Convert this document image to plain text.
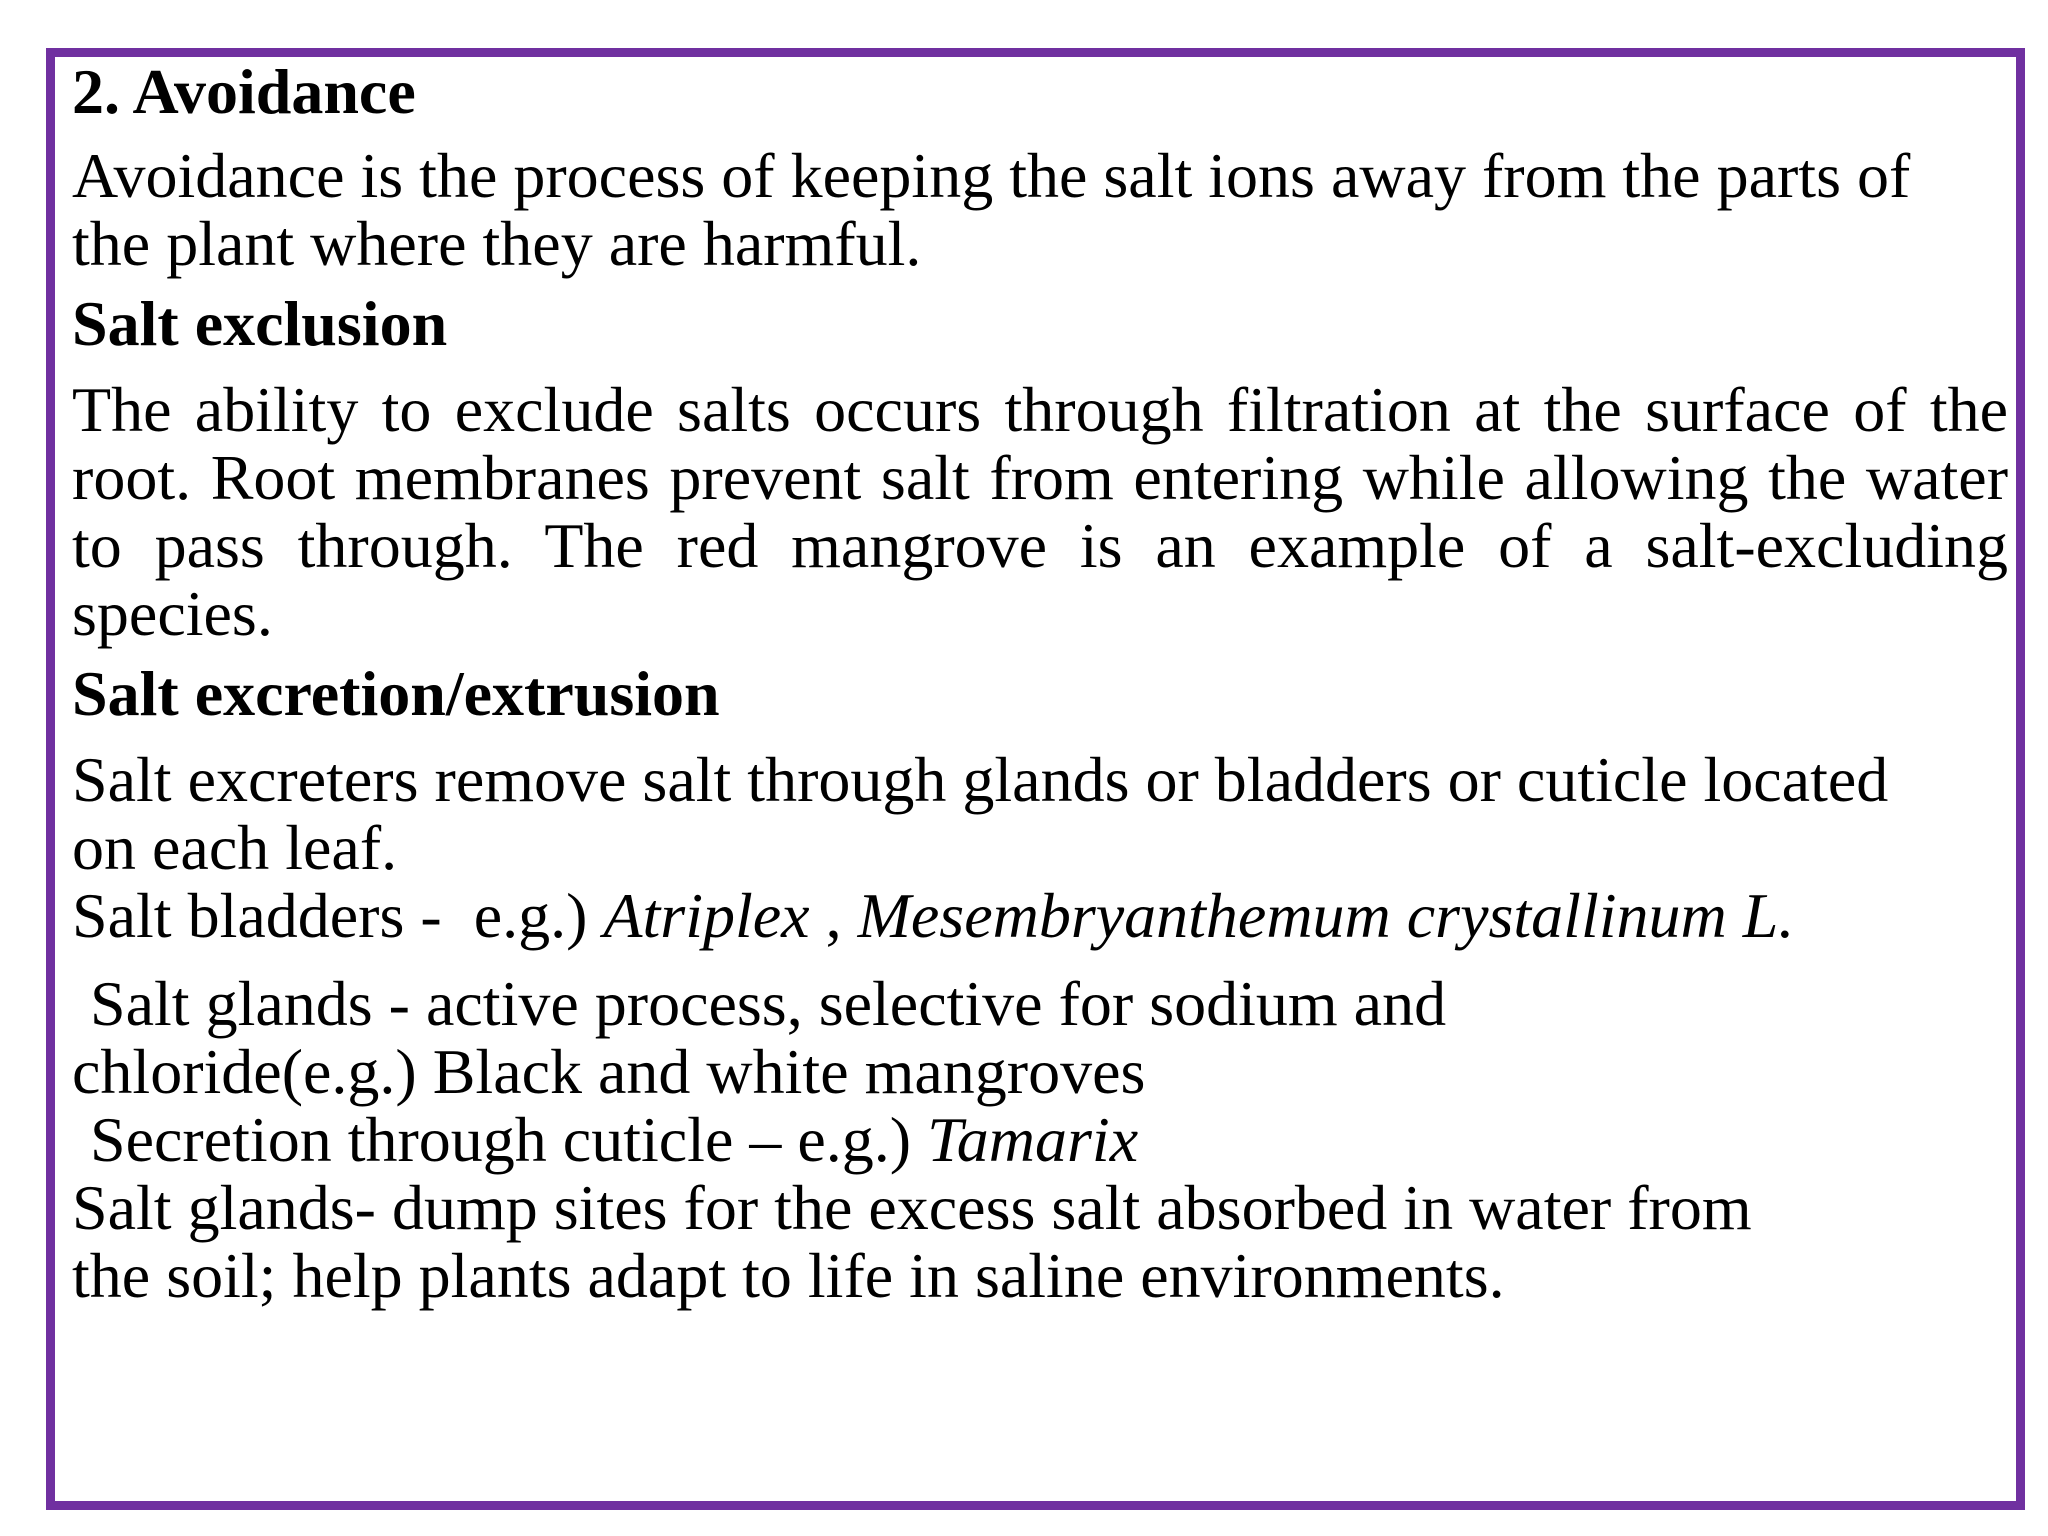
2. Avoidance

Avoidance is the process of keeping the salt ions away from the parts of the plant where they are harmful.

Salt exclusion

The ability to exclude salts occurs through filtration at the surface of the root. Root membranes prevent salt from entering while allowing the water to pass through. The red mangrove is an example of a salt-excluding species.

Salt excretion/extrusion

Salt excreters remove salt through glands or bladders or cuticle located on each leaf.

Salt bladders -  e.g.) Atriplex , Mesembryanthemum crystallinum L.

Salt glands - active process, selective for sodium and

chloride(e.g.) Black and white mangroves

Secretion through cuticle – e.g.) Tamarix

Salt glands- dump sites for the excess salt absorbed in water from

the soil; help plants adapt to life in saline environments.
